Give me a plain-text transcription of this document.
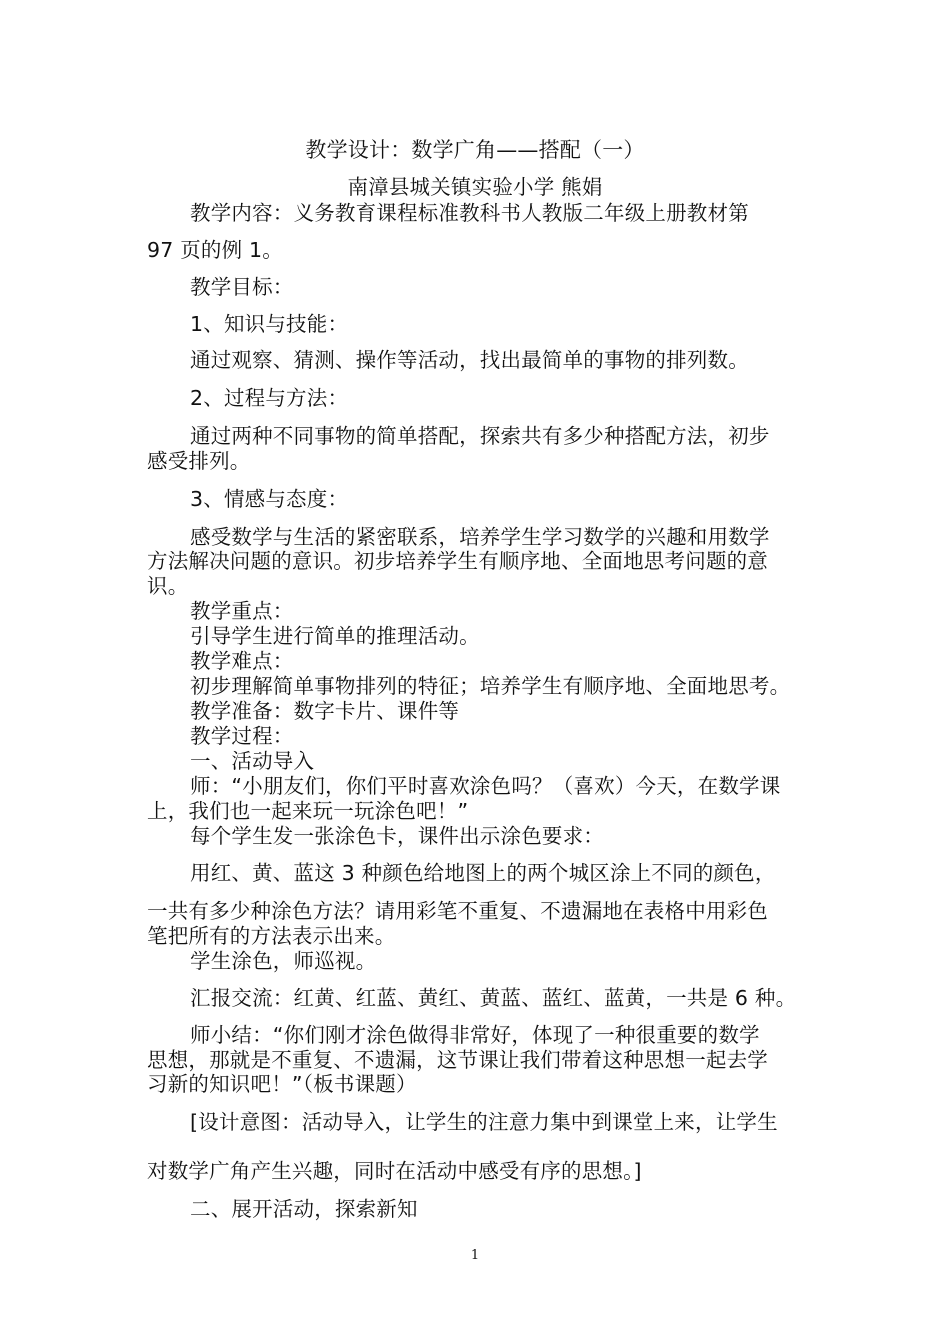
教学设计：数学广角——搭配（一）
南漳县城关镇实验小学 熊娟
教学内容：义务教育课程标准教科书人教版二年级上册教材第
97 页的例 1。
教学目标：
1、知识与技能：
通过观察、猜测、操作等活动，找出最简单的事物的排列数。
2、过程与方法：
通过两种不同事物的简单搭配，探索共有多少种搭配方法，初步
感受排列。
3、情感与态度：
感受数学与生活的紧密联系，培养学生学习数学的兴趣和用数学
方法解决问题的意识。初步培养学生有顺序地、全面地思考问题的意
识。
教学重点：
引导学生进行简单的推理活动。
教学难点：
初步理解简单事物排列的特征；培养学生有顺序地、全面地思考。
教学准备：数字卡片、课件等
教学过程：
一、活动导入
师：“小朋友们，你们平时喜欢涂色吗？（喜欢）今天，在数学课
上，我们也一起来玩一玩涂色吧！”
每个学生发一张涂色卡，课件出示涂色要求：
用红、黄、蓝这 3 种颜色给地图上的两个城区涂上不同的颜色，
一共有多少种涂色方法？请用彩笔不重复、不遗漏地在表格中用彩色
笔把所有的方法表示出来。
学生涂色，师巡视。
汇报交流：红黄、红蓝、黄红、黄蓝、蓝红、蓝黄，一共是 6 种。
师小结：“你们刚才涂色做得非常好，体现了一种很重要的数学
思想，那就是不重复、不遗漏，这节课让我们带着这种思想一起去学
习新的知识吧！”（板书课题）
[设计意图：活动导入，让学生的注意力集中到课堂上来，让学生
对数学广角产生兴趣，同时在活动中感受有序的思想。]
二、展开活动，探索新知
1
